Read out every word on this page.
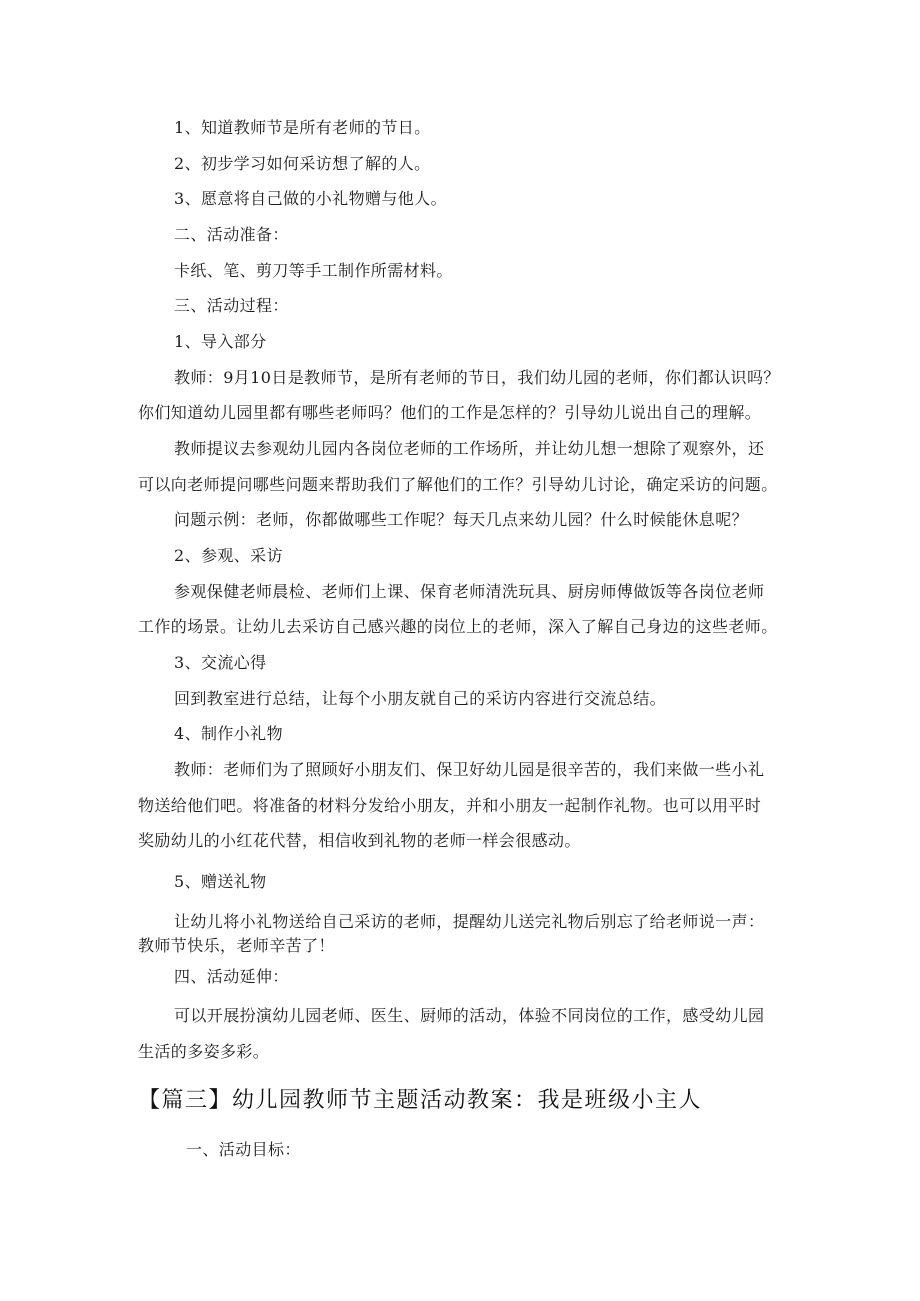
1、知道教师节是所有老师的节日。
2、初步学习如何采访想了解的人。
3、愿意将自己做的小礼物赠与他人。
二、活动准备：
卡纸、笔、剪刀等手工制作所需材料。
三、活动过程：
1、导入部分
教师：9月10日是教师节，是所有老师的节日，我们幼儿园的老师，你们都认识吗？
你们知道幼儿园里都有哪些老师吗？他们的工作是怎样的？引导幼儿说出自己的理解。
教师提议去参观幼儿园内各岗位老师的工作场所，并让幼儿想一想除了观察外，还
可以向老师提问哪些问题来帮助我们了解他们的工作？引导幼儿讨论，确定采访的问题。
问题示例：老师，你都做哪些工作呢？每天几点来幼儿园？什么时候能休息呢？
2、参观、采访
参观保健老师晨检、老师们上课、保育老师清洗玩具、厨房师傅做饭等各岗位老师
工作的场景。让幼儿去采访自己感兴趣的岗位上的老师，深入了解自己身边的这些老师。
3、交流心得
回到教室进行总结，让每个小朋友就自己的采访内容进行交流总结。
4、制作小礼物
教师：老师们为了照顾好小朋友们、保卫好幼儿园是很辛苦的，我们来做一些小礼
物送给他们吧。将准备的材料分发给小朋友，并和小朋友一起制作礼物。也可以用平时
奖励幼儿的小红花代替，相信收到礼物的老师一样会很感动。
5、赠送礼物
让幼儿将小礼物送给自己采访的老师，提醒幼儿送完礼物后别忘了给老师说一声：
教师节快乐，老师辛苦了！
四、活动延伸：
可以开展扮演幼儿园老师、医生、厨师的活动，体验不同岗位的工作，感受幼儿园
生活的多姿多彩。
【篇三】幼儿园教师节主题活动教案：我是班级小主人
一、活动目标：
